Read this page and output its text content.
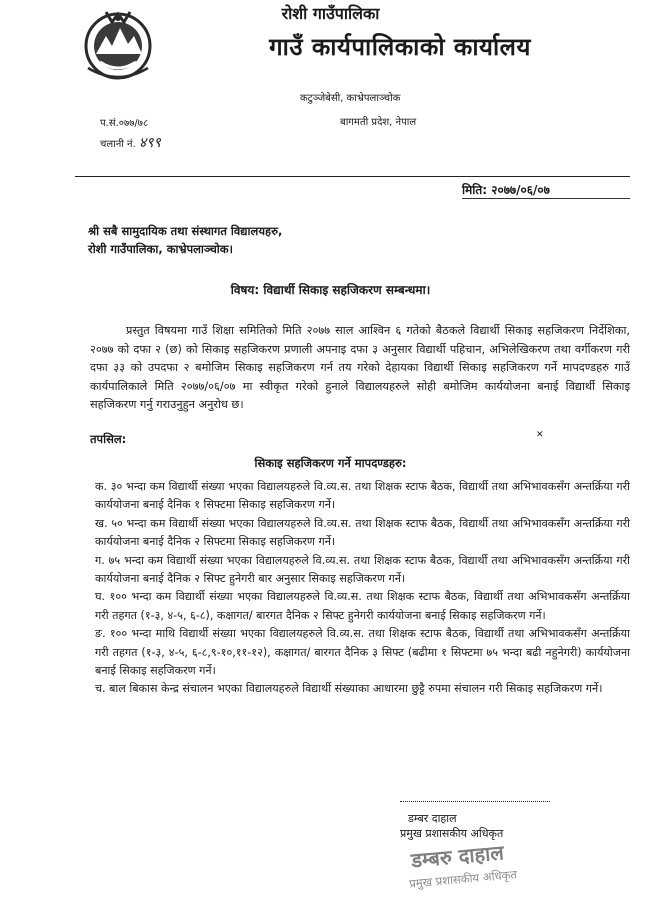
रोशी गाउँपालिका
गाउँ कार्यपालिकाको कार्यालय
कटुञ्जेबेसी, काभ्रेपलाञ्चोक
बागमती प्रदेश, नेपाल
प.सं.०७७/७८
चलानी नं. ४९९
मिति: २०७७/०६/०७
श्री सबै सामुदायिक तथा संस्थागत विद्यालयहरु,
रोशी गाउँपालिका, काभ्रेपलाञ्चोक।
विषय: विद्यार्थी सिकाइ सहजिकरण सम्बन्धमा।

प्रस्तुत विषयमा गाउँ शिक्षा समितिको मिति २०७७ साल आश्विन ६ गतेको बैठकले विद्यार्थी सिकाइ सहजिकरण निर्देशिका, २०७७ को दफा २ (छ) को सिकाइ सहजिकरण प्रणाली अपनाइ दफा ३ अनुसार विद्यार्थी पहिचान, अभिलेखिकरण तथा वर्गीकरण गरी दफा ३३ को उपदफा २ बमोजिम सिकाइ सहजिकरण गर्न तय गरेको देहायका विद्यार्थी सिकाइ सहजिकरण गर्ने मापदण्डहरु गाउँ कार्यपालिकाले मिति २०७७/०६/०७ मा स्वीकृत गरेको हुनाले विद्यालयहरुले सोही बमोजिम कार्ययोजना बनाई विद्यार्थी सिकाइ सहजिकरण गर्नु गराउनुहुन अनुरोध छ।

✕
तपसिल:
सिकाइ सहजिकरण गर्ने मापदण्डहरु:

क. ३० भन्दा कम विद्यार्थी संख्या भएका विद्यालयहरुले वि.व्य.स. तथा शिक्षक स्टाफ बैठक, विद्यार्थी तथा अभिभावकसँग अन्तर्क्रिया गरी कार्ययोजना बनाई दैनिक १ सिफ्टमा सिकाइ सहजिकरण गर्ने।

ख. ५० भन्दा कम विद्यार्थी संख्या भएका विद्यालयहरुले वि.व्य.स. तथा शिक्षक स्टाफ बैठक, विद्यार्थी तथा अभिभावकसँग अन्तर्क्रिया गरी कार्ययोजना बनाई दैनिक २ सिफ्टमा सिकाइ सहजिकरण गर्ने।

ग. ७५ भन्दा कम विद्यार्थी संख्या भएका विद्यालयहरुले वि.व्य.स. तथा शिक्षक स्टाफ बैठक, विद्यार्थी तथा अभिभावकसँग अन्तर्क्रिया गरी कार्ययोजना बनाई दैनिक २ सिफ्ट हुनेगरी बार अनुसार सिकाइ सहजिकरण गर्ने।

घ. १०० भन्दा कम विद्यार्थी संख्या भएका विद्यालयहरुले वि.व्य.स. तथा शिक्षक स्टाफ बैठक, विद्यार्थी तथा अभिभावकसँग अन्तर्क्रिया गरी तहगत (१-३, ४-५, ६-८), कक्षागत/ बारगत दैनिक २ सिफ्ट हुनेगरी कार्ययोजना बनाई सिकाइ सहजिकरण गर्ने।

ङ. १०० भन्दा माथि विद्यार्थी संख्या भएका विद्यालयहरुले वि.व्य.स. तथा शिक्षक स्टाफ बैठक, विद्यार्थी तथा अभिभावकसँग अन्तर्क्रिया गरी तहगत (१-३, ४-५, ६-८,९-१०,११-१२), कक्षागत/ बारगत दैनिक ३ सिफ्ट (बढीमा १ सिफ्टमा ७५ भन्दा बढी नहुनेगरी) कार्ययोजना बनाई सिकाइ सहजिकरण गर्ने।

च. बाल बिकास केन्द्र संचालन भएका विद्यालयहरुले विद्यार्थी संख्याका आधारमा छुट्टै रुपमा संचालन गरी सिकाइ सहजिकरण गर्ने।

डम्बर दाहाल
प्रमुख प्रशासकीय अधिकृत
डम्बरु दाहाल
प्रमुख प्रशासकीय अधिकृत
